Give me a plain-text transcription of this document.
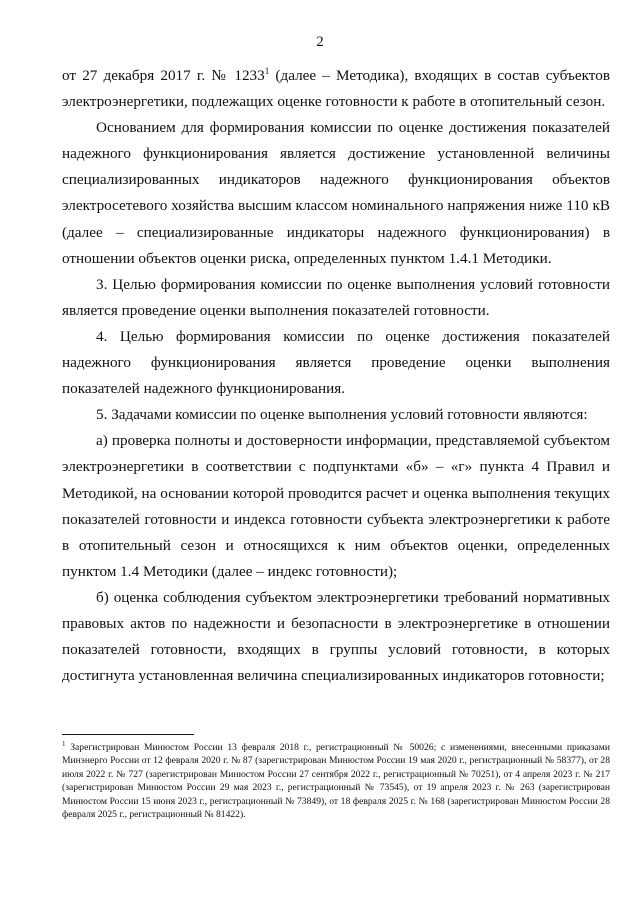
2

от 27 декабря 2017 г. № 1233$^1$ (далее – Методика), входящих в состав субъектов электроэнергетики, подлежащих оценке готовности к работе в отопительный сезон.

Основанием для формирования комиссии по оценке достижения показателей надежного функционирования является достижение установленной величины специализированных индикаторов надежного функционирования объектов электросетевого хозяйства высшим классом номинального напряжения ниже 110 кВ (далее – специализированные индикаторы надежного функционирования) в отношении объектов оценки риска, определенных пунктом 1.4.1 Методики.

3. Целью формирования комиссии по оценке выполнения условий готовности является проведение оценки выполнения показателей готовности.

4. Целью формирования комиссии по оценке достижения показателей надежного функционирования является проведение оценки выполнения показателей надежного функционирования.

5. Задачами комиссии по оценке выполнения условий готовности являются:

а) проверка полноты и достоверности информации, представляемой субъектом электроэнергетики в соответствии с подпунктами «б» – «г» пункта 4 Правил и Методикой, на основании которой проводится расчет и оценка выполнения текущих показателей готовности и индекса готовности субъекта электроэнергетики к работе в отопительный сезон и относящихся к ним объектов оценки, определенных пунктом 1.4 Методики (далее – индекс готовности);

б) оценка соблюдения субъектом электроэнергетики требований нормативных правовых актов по надежности и безопасности в электроэнергетике в отношении показателей готовности, входящих в группы условий готовности, в которых достигнута установленная величина специализированных индикаторов готовности;

$^1$ Зарегистрирован Минюстом России 13 февраля 2018 г., регистрационный № 50026; с изменениями, внесенными приказами Минэнерго России от 12 февраля 2020 г. № 87 (зарегистрирован Минюстом России 19 мая 2020 г., регистрационный № 58377), от 28 июля 2022 г. № 727 (зарегистрирован Минюстом России 27 сентября 2022 г., регистрационный № 70251), от 4 апреля 2023 г. № 217 (зарегистрирован Минюстом России 29 мая 2023 г., регистрационный № 73545), от 19 апреля 2023 г. № 263 (зарегистрирован Минюстом России 15 июня 2023 г., регистрационный № 73849), от 18 февраля 2025 г. № 168 (зарегистрирован Минюстом России 28 февраля 2025 г., регистрационный № 81422).
